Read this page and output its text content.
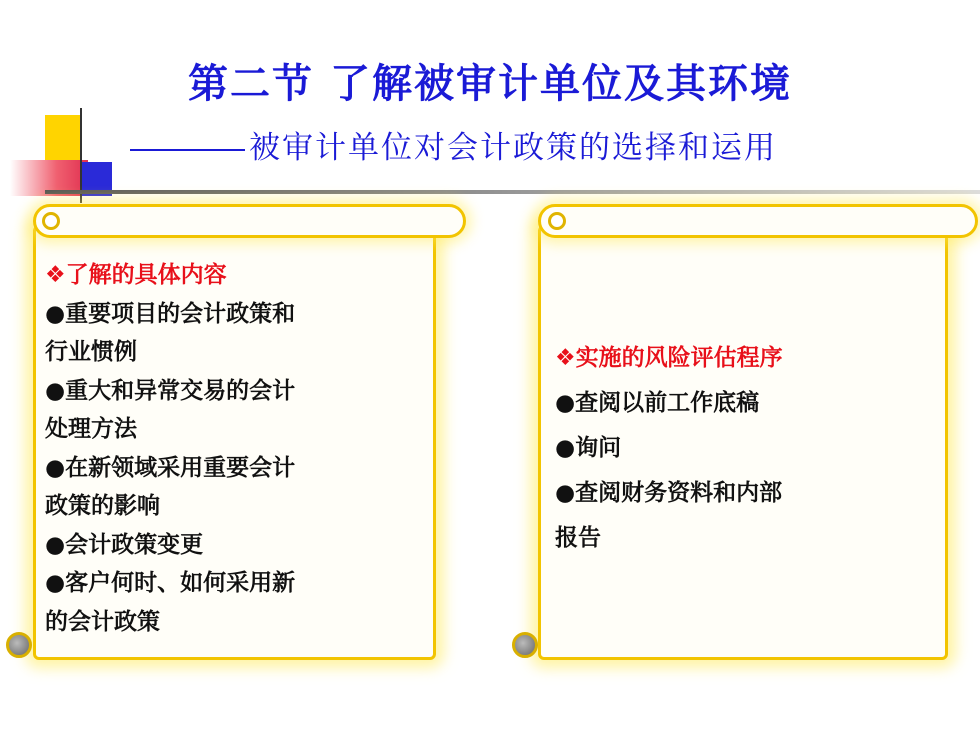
第二节 了解被审计单位及其环境
被审计单位对会计政策的选择和运用
❖了解的具体内容
●重要项目的会计政策和
行业惯例
●重大和异常交易的会计
处理方法
●在新领域采用重要会计
政策的影响
●会计政策变更
●客户何时、如何采用新
的会计政策
❖实施的风险评估程序
●查阅以前工作底稿
●询问
●查阅财务资料和内部
报告
